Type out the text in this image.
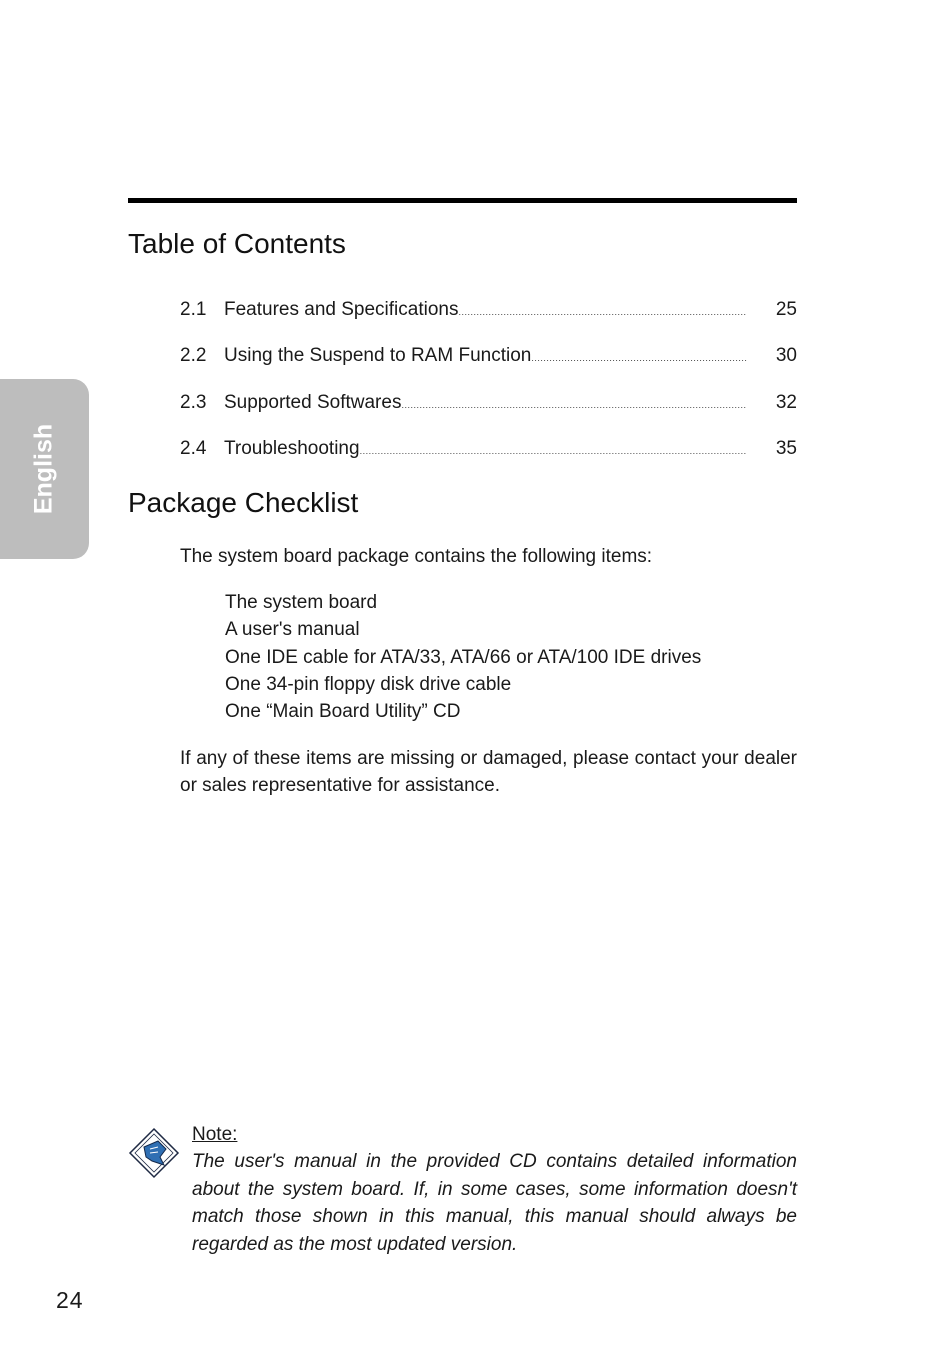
Table of Contents
2.1 Features and Specifications .....	25
2.2 Using the Suspend to RAM Function .....	30
2.3 Supported Softwares .....	32
2.4 Troubleshooting .....	35
English	Package Checklist

The system board package contains the following items:

The system board
A user's manual
One IDE cable for ATA/33, ATA/66 or ATA/100 IDE drives
One 34-pin floppy disk drive cable
One “Main Board Utility” CD

If any of these items are missing or damaged, please contact your dealer or sales representative for assistance.

Note:

The user's manual in the provided CD contains detailed information about the system board. If, in some cases, some information doesn't match those shown in this manual, this manual should always be regarded as the most updated version.

24
